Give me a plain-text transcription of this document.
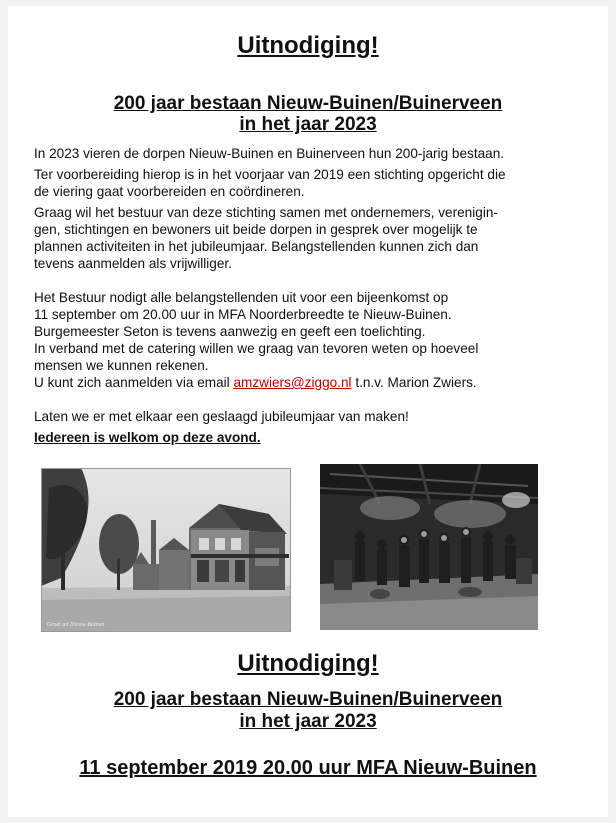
Uitnodiging!
200 jaar bestaan Nieuw-Buinen/Buinerveen
in het jaar 2023

In 2023 vieren de dorpen Nieuw-Buinen en Buinerveen hun 200-jarig bestaan.

Ter voorbereiding hierop is in het voorjaar van 2019 een stichting opgericht die

de viering gaat voorbereiden en coördineren.

Graag wil het bestuur van deze stichting samen met ondernemers, verenigin-

gen, stichtingen en bewoners uit beide dorpen in gesprek over mogelijk te

plannen activiteiten in het jubileumjaar. Belangstellenden kunnen zich dan

tevens aanmelden als vrijwilliger.

Het Bestuur nodigt alle belangstellenden uit voor een bijeenkomst op

11 september om 20.00 uur in MFA Noorderbreedte te Nieuw-Buinen.

Burgemeester Seton is tevens aanwezig en geeft een toelichting.

In verband met de catering willen we graag van tevoren weten op hoeveel

mensen we kunnen rekenen.

U kunt zich aanmelden via email amzwiers@ziggo.nl t.n.v. Marion Zwiers.

Laten we er met elkaar een geslaagd jubileumjaar van maken!

Iedereen is welkom op deze avond.

Groet uit Nieuw-Buinen
Uitnodiging!
200 jaar bestaan Nieuw-Buinen/Buinerveen
in het jaar 2023
11 september 2019 20.00 uur MFA Nieuw-Buinen
